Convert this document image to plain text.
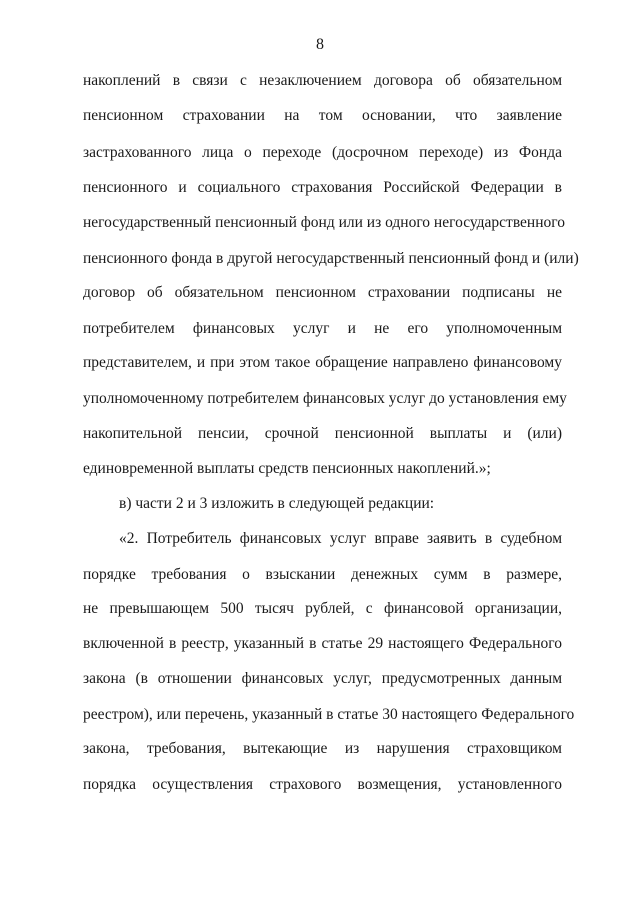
8
накоплений в связи с незаключением договора об обязательном
пенсионном страховании на том основании, что заявление
застрахованного лица о переходе (досрочном переходе) из Фонда
пенсионного и социального страхования Российской Федерации в
негосударственный пенсионный фонд или из одного негосударственного
пенсионного фонда в другой негосударственный пенсионный фонд и (или)
договор об обязательном пенсионном страховании подписаны не
потребителем финансовых услуг и не его уполномоченным
представителем, и при этом такое обращение направлено финансовому
уполномоченному потребителем финансовых услуг до установления ему
накопительной пенсии, срочной пенсионной выплаты и (или)
единовременной выплаты средств пенсионных накоплений.»;
в) части 2 и 3 изложить в следующей редакции:
«2. Потребитель финансовых услуг вправе заявить в судебном
порядке требования о взыскании денежных сумм в размере,
не превышающем 500 тысяч рублей, с финансовой организации,
включенной в реестр, указанный в статье 29 настоящего Федерального
закона (в отношении финансовых услуг, предусмотренных данным
реестром), или перечень, указанный в статье 30 настоящего Федерального
закона, требования, вытекающие из нарушения страховщиком
порядка осуществления страхового возмещения, установленного
